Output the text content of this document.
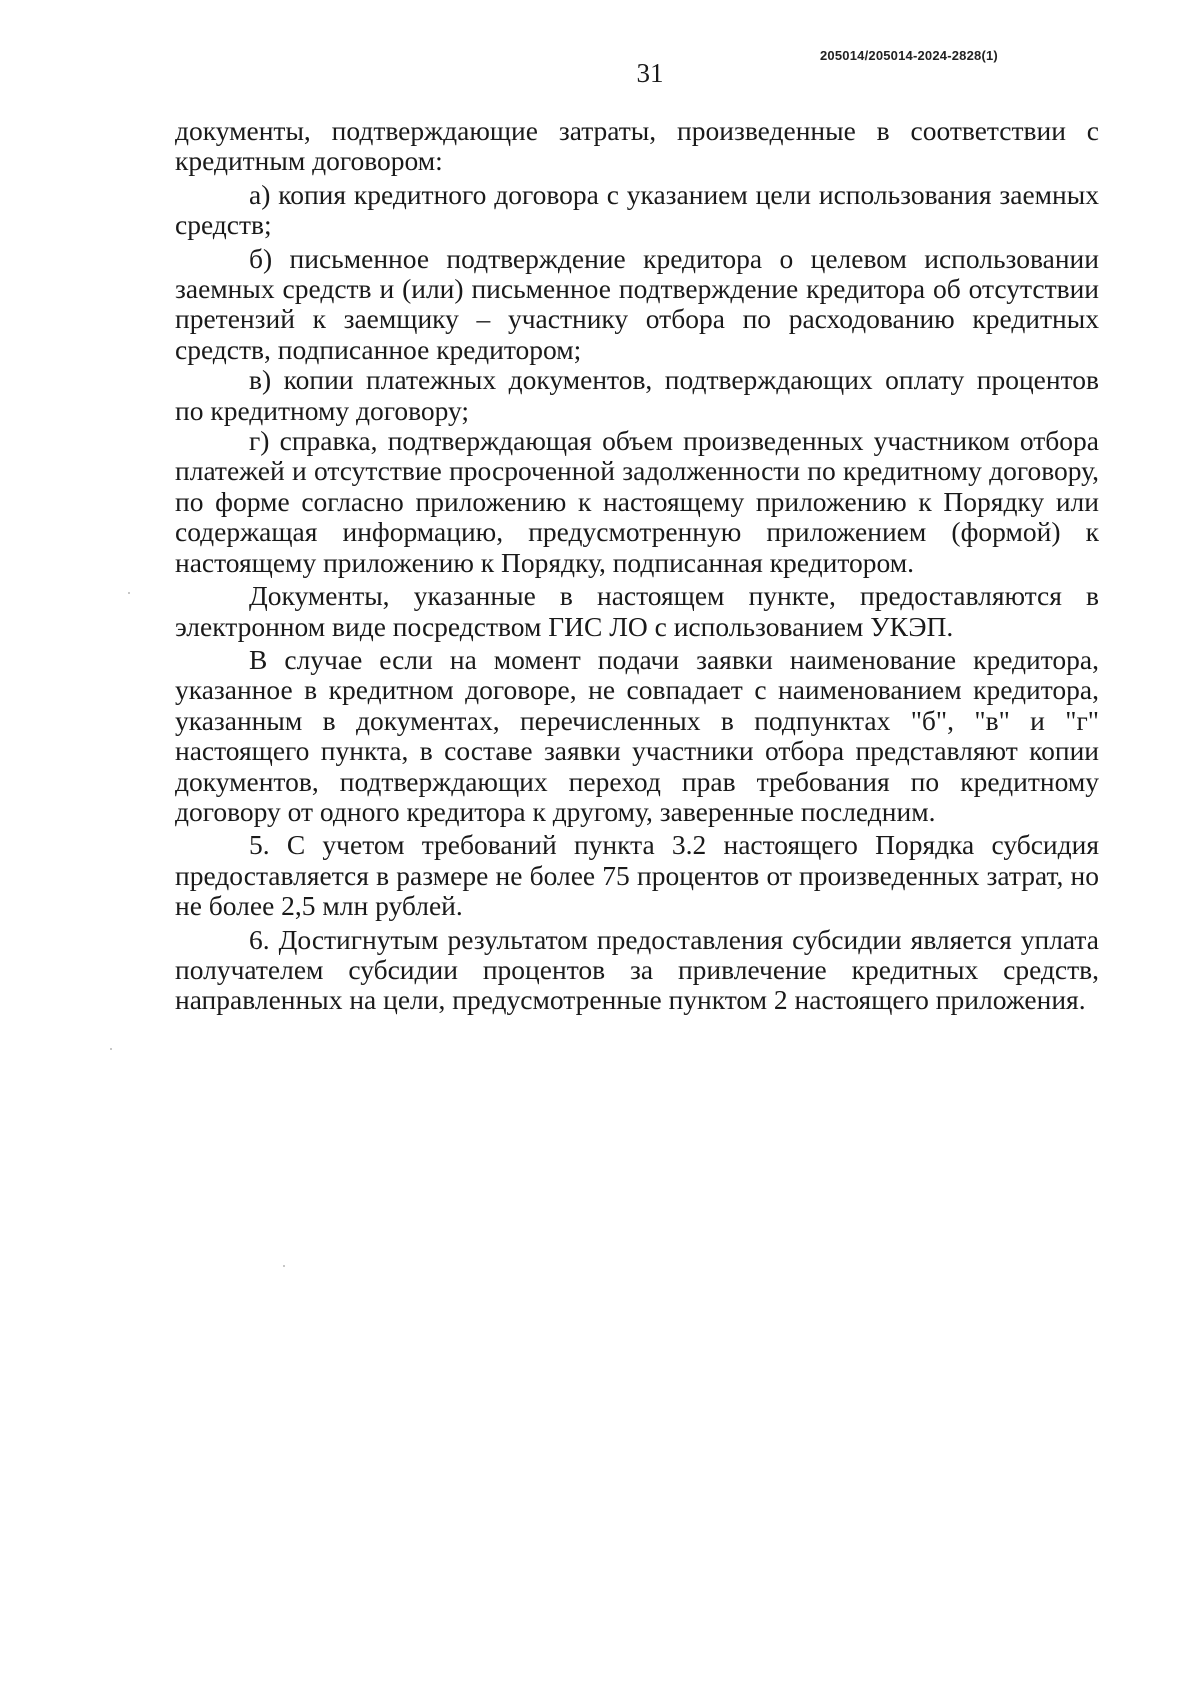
205014/205014-2024-2828(1)
31

документы, подтверждающие затраты, произведенные в соответствии с кредитным договором:

а) копия кредитного договора с указанием цели использования заемных средств;

б) письменное подтверждение кредитора о целевом использовании заемных средств и (или) письменное подтверждение кредитора об отсутствии претензий к заемщику – участнику отбора по расходованию кредитных средств, подписанное кредитором;

в) копии платежных документов, подтверждающих оплату процентов по кредитному договору;

г) справка, подтверждающая объем произведенных участником отбора платежей и отсутствие просроченной задолженности по кредитному договору, по форме согласно приложению к настоящему приложению к Порядку или содержащая информацию, предусмотренную приложением (формой) к настоящему приложению к Порядку, подписанная кредитором.

Документы, указанные в настоящем пункте, предоставляются в электронном виде посредством ГИС ЛО с использованием УКЭП.

В случае если на момент подачи заявки наименование кредитора, указанное в кредитном договоре, не совпадает с наименованием кредитора, указанным в документах, перечисленных в подпунктах "б", "в" и "г" настоящего пункта, в составе заявки участники отбора представляют копии документов, подтверждающих переход прав требования по кредитному договору от одного кредитора к другому, заверенные последним.

5. С учетом требований пункта 3.2 настоящего Порядка субсидия предоставляется в размере не более 75 процентов от произведенных затрат, но не более 2,5 млн рублей.

6. Достигнутым результатом предоставления субсидии является уплата получателем субсидии процентов за привлечение кредитных средств, направленных на цели, предусмотренные пунктом 2 настоящего приложения.
